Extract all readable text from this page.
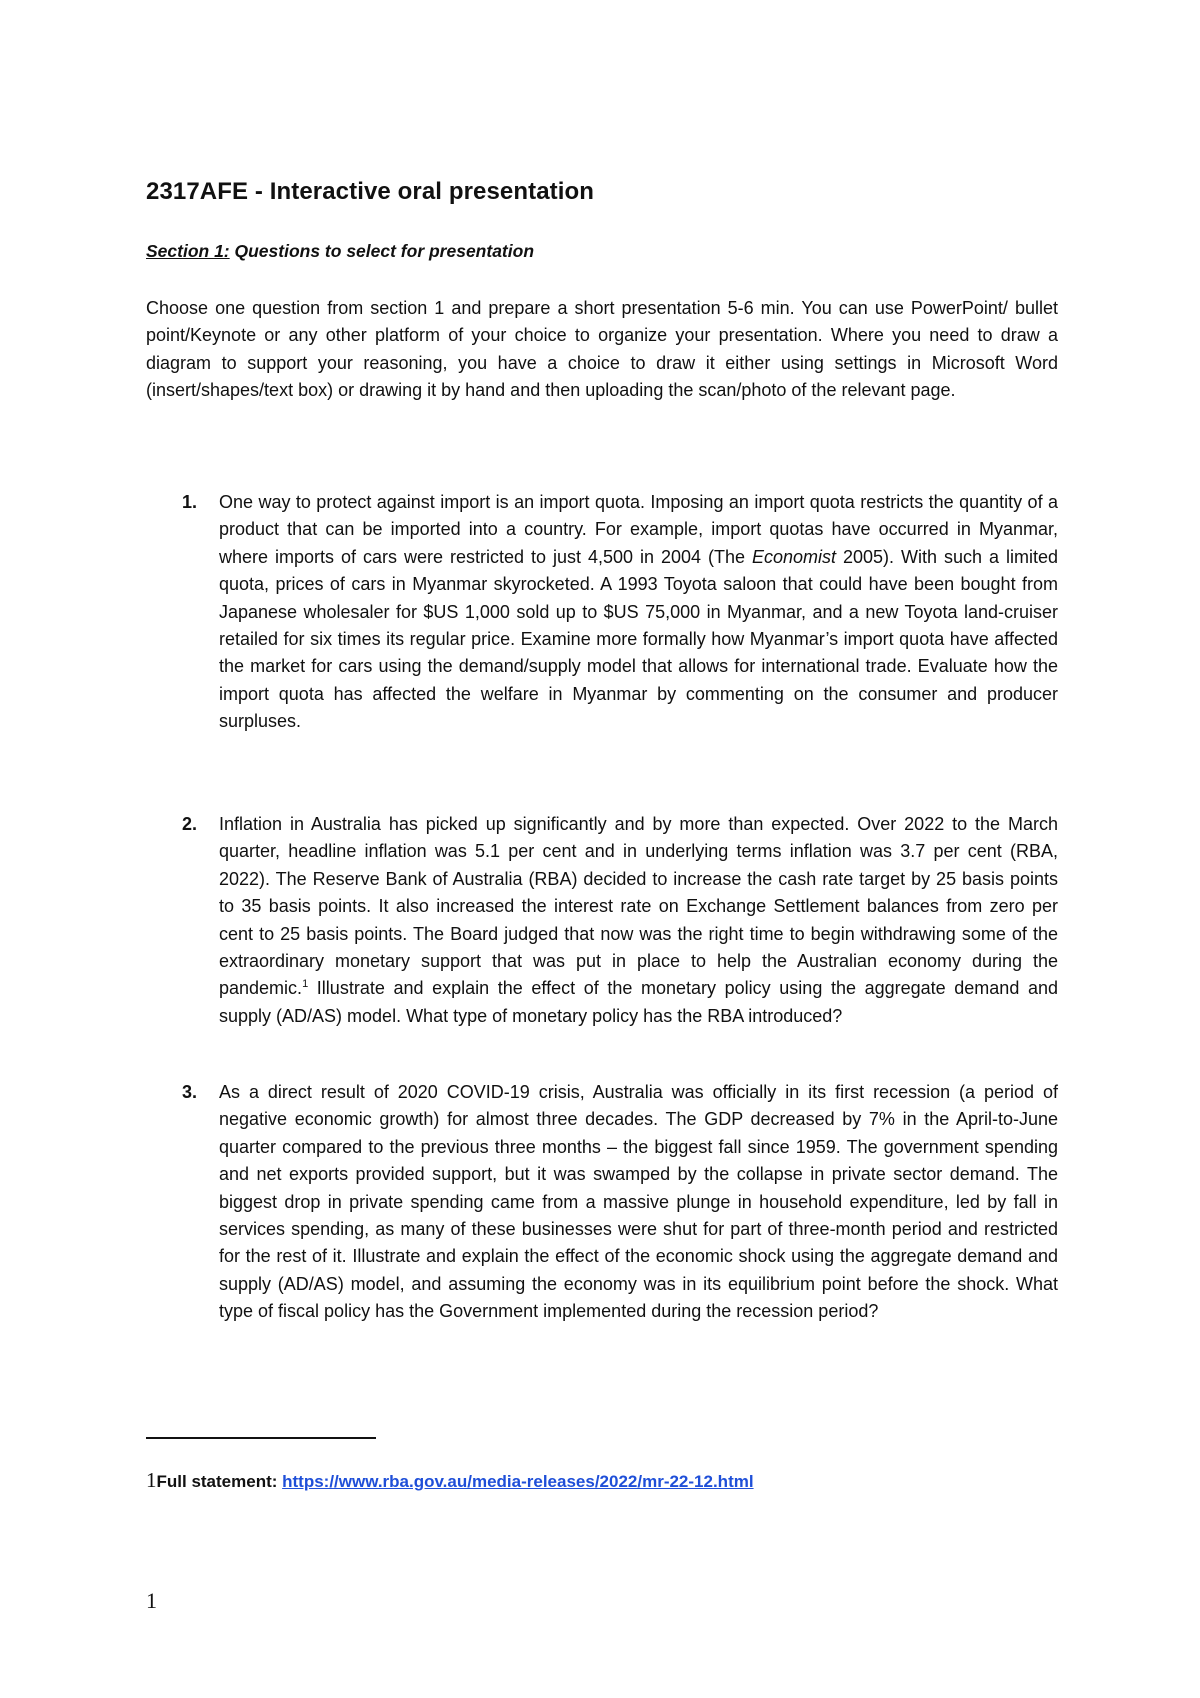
2317AFE - Interactive oral presentation

Section 1: Questions to select for presentation

Choose one question from section 1 and prepare a short presentation 5-6 min. You can use PowerPoint/ bullet point/Keynote or any other platform of your choice to organize your presentation. Where you need to draw a diagram to support your reasoning, you have a choice to draw it either using settings in Microsoft Word (insert/shapes/text box) or drawing it by hand and then uploading the scan/photo of the relevant page.

1. One way to protect against import is an import quota. Imposing an import quota restricts the quantity of a product that can be imported into a country. For example, import quotas have occurred in Myanmar, where imports of cars were restricted to just 4,500 in 2004 (The Economist 2005). With such a limited quota, prices of cars in Myanmar skyrocketed. A 1993 Toyota saloon that could have been bought from Japanese wholesaler for $US 1,000 sold up to $US 75,000 in Myanmar, and a new Toyota land-cruiser retailed for six times its regular price. Examine more formally how Myanmar’s import quota have affected the market for cars using the demand/supply model that allows for international trade. Evaluate how the import quota has affected the welfare in Myanmar by commenting on the consumer and producer surpluses.
2. Inflation in Australia has picked up significantly and by more than expected. Over 2022 to the March quarter, headline inflation was 5.1 per cent and in underlying terms inflation was 3.7 per cent (RBA, 2022). The Reserve Bank of Australia (RBA) decided to increase the cash rate target by 25 basis points to 35 basis points. It also increased the interest rate on Exchange Settlement balances from zero per cent to 25 basis points. The Board judged that now was the right time to begin withdrawing some of the extraordinary monetary support that was put in place to help the Australian economy during the pandemic.$^1$ Illustrate and explain the effect of the monetary policy using the aggregate demand and supply (AD/AS) model. What type of monetary policy has the RBA introduced?
3. As a direct result of 2020 COVID-19 crisis, Australia was officially in its first recession (a period of negative economic growth) for almost three decades. The GDP decreased by 7% in the April-to-June quarter compared to the previous three months – the biggest fall since 1959. The government spending and net exports provided support, but it was swamped by the collapse in private sector demand. The biggest drop in private spending came from a massive plunge in household expenditure, led by fall in services spending, as many of these businesses were shut for part of three-month period and restricted for the rest of it. Illustrate and explain the effect of the economic shock using the aggregate demand and supply (AD/AS) model, and assuming the economy was in its equilibrium point before the shock. What type of fiscal policy has the Government implemented during the recession period?

1Full statement: https://www.rba.gov.au/media-releases/2022/mr-22-12.html

1
